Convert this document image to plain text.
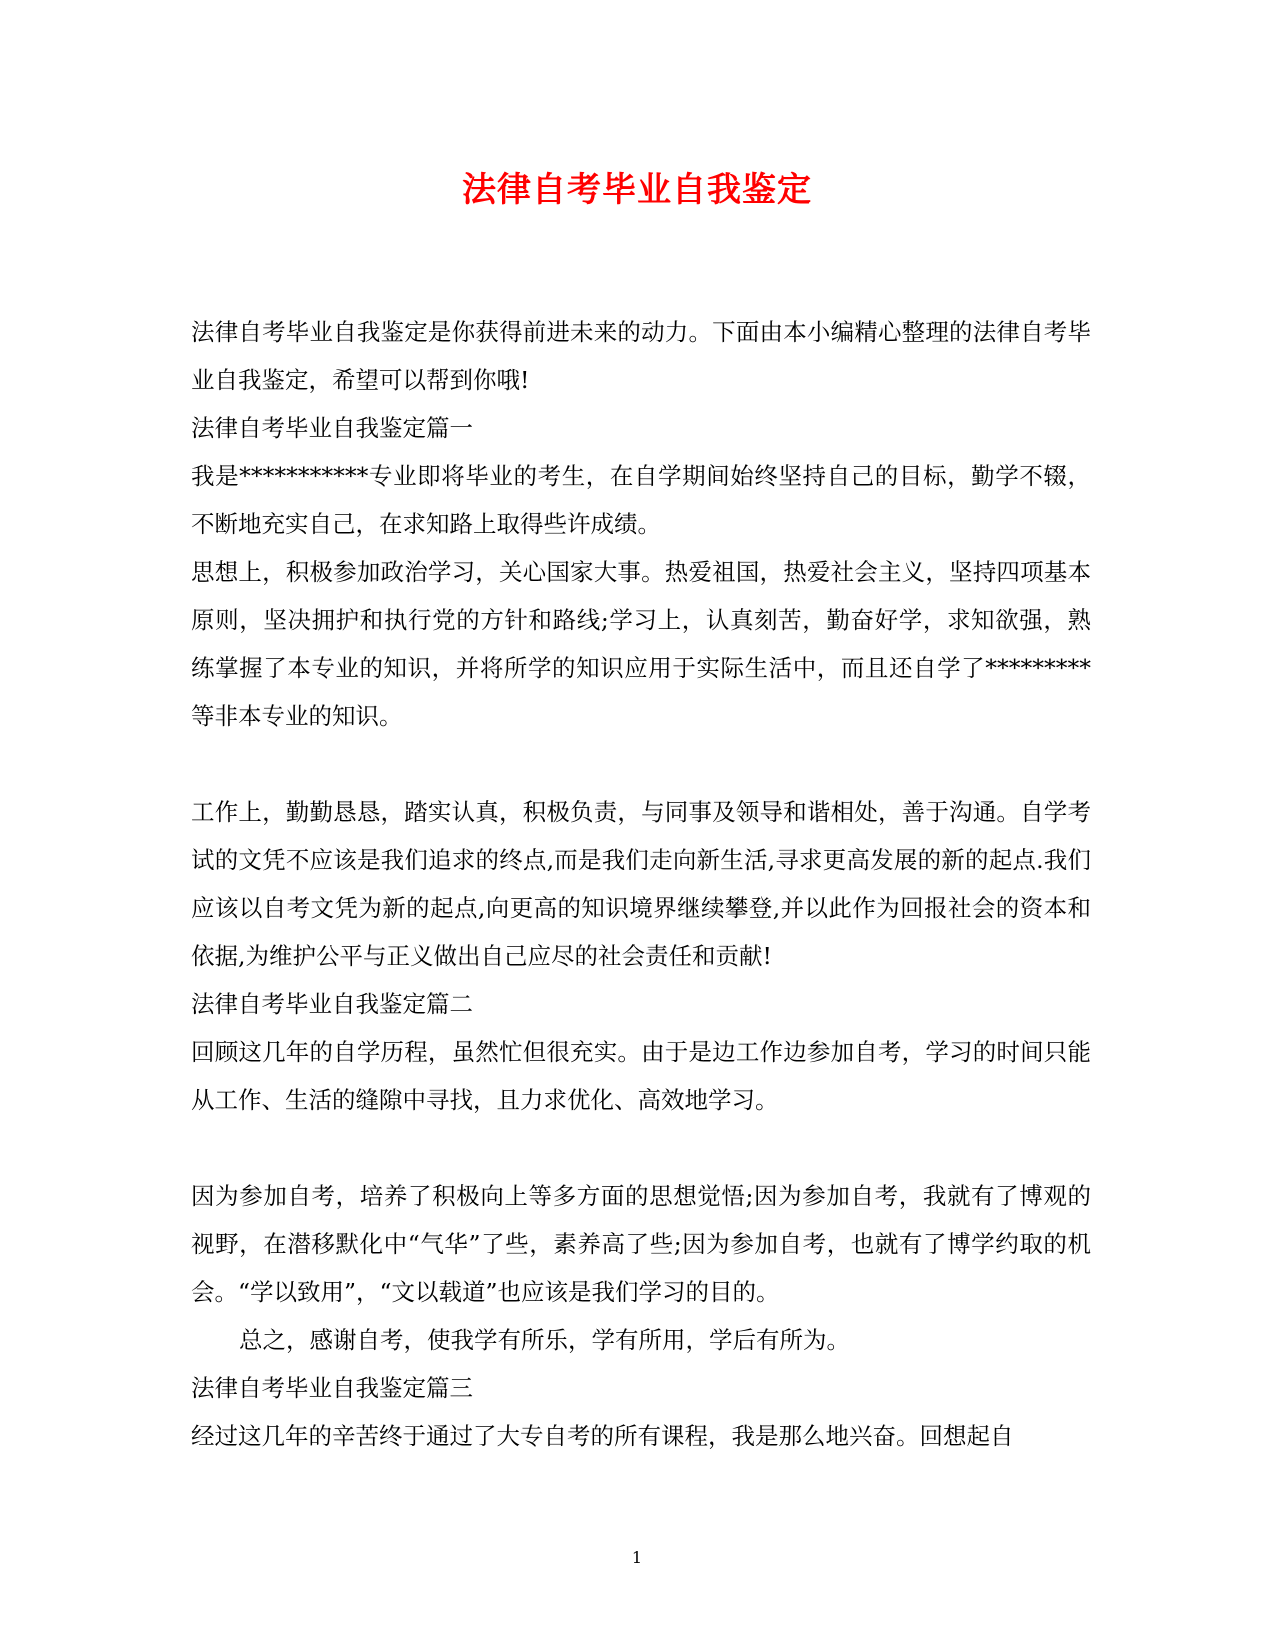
法律自考毕业自我鉴定

法律自考毕业自我鉴定是你获得前进未来的动力。下面由本小编精心整理的法律自考毕业自我鉴定，希望可以帮到你哦!

法律自考毕业自我鉴定篇一

我是***********专业即将毕业的考生，在自学期间始终坚持自己的目标，勤学不辍，不断地充实自己，在求知路上取得些许成绩。

思想上，积极参加政治学习，关心国家大事。热爱祖国，热爱社会主义，坚持四项基本原则，坚决拥护和执行党的方针和路线;学习上，认真刻苦，勤奋好学，求知欲强，熟练掌握了本专业的知识，并将所学的知识应用于实际生活中，而且还自学了*********等非本专业的知识。

工作上，勤勤恳恳，踏实认真，积极负责，与同事及领导和谐相处，善于沟通。自学考试的文凭不应该是我们追求的终点,而是我们走向新生活,寻求更高发展的新的起点.我们应该以自考文凭为新的起点,向更高的知识境界继续攀登,并以此作为回报社会的资本和依据,为维护公平与正义做出自己应尽的社会责任和贡献!

法律自考毕业自我鉴定篇二

回顾这几年的自学历程，虽然忙但很充实。由于是边工作边参加自考，学习的时间只能从工作、生活的缝隙中寻找，且力求优化、高效地学习。

因为参加自考，培养了积极向上等多方面的思想觉悟;因为参加自考，我就有了博观的视野，在潜移默化中“气华”了些，素养高了些;因为参加自考，也就有了博学约取的机会。“学以致用”，“文以载道”也应该是我们学习的目的。

总之，感谢自考，使我学有所乐，学有所用，学后有所为。

法律自考毕业自我鉴定篇三

经过这几年的辛苦终于通过了大专自考的所有课程，我是那么地兴奋。回想起自

1
